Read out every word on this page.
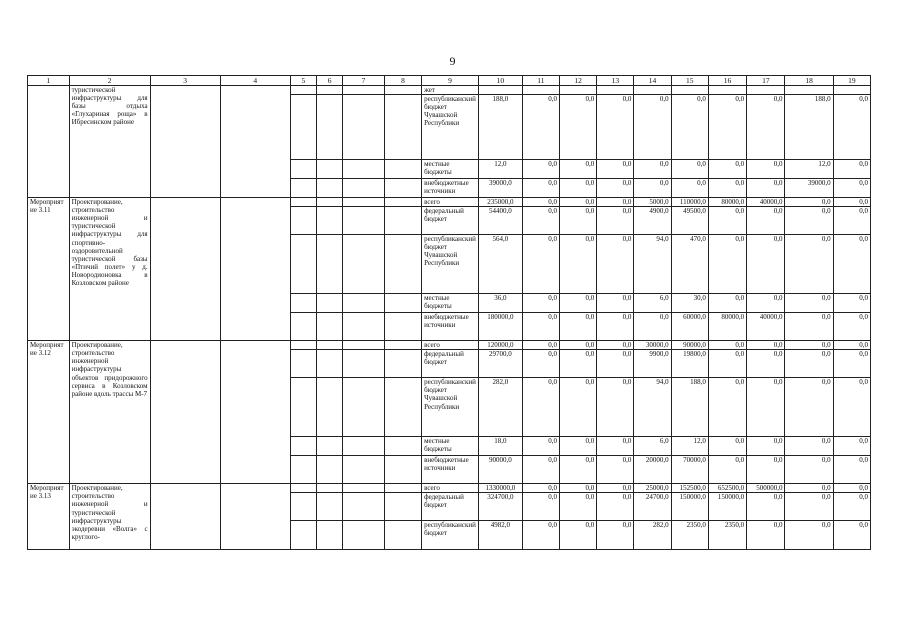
9
1	2	3	4	5	6	7	8	9	10	11	12	13	14	15	16	17	18	19
	туристической инфраструктуры для базы отдыха «Глухариная роща» в Ибресинском районе							жет										
								республиканский бюджет Чувашской Республики	188,0	0,0	0,0	0,0	0,0	0,0	0,0	0,0	188,0	0,0
								местные бюджеты	12,0	0,0	0,0	0,0	0,0	0,0	0,0	0,0	12,0	0,0
								внебюджетные источники	39000,0	0,0	0,0	0,0	0,0	0,0	0,0	0,0	39000,0	0,0
Мероприятие 3.11	Проектирование, строительство инженерной и туристической инфраструктуры для спортивно-оздоровительной туристической базы «Птичий полет» у д. Новородионовка в Козловском районе							всего	235000,0	0,0	0,0	0,0	5000,0	110000,0	80000,0	40000,0	0,0	0,0
								федеральный бюджет	54400,0	0,0	0,0	0,0	4900,0	49500,0	0,0	0,0	0,0	0,0
								республиканский бюджет Чувашской Республики	564,0	0,0	0,0	0,0	94,0	470,0	0,0	0,0	0,0	0,0
								местные бюджеты	36,0	0,0	0,0	0,0	6,0	30,0	0,0	0,0	0,0	0,0
								внебюджетные источники	180000,0	0,0	0,0	0,0	0,0	60000,0	80000,0	40000,0	0,0	0,0
Мероприятие 3.12	Проектирование, строительство инженерной инфраструктуры объектов придорожного сервиса в Козловском районе вдоль трассы М-7							всего	120000,0	0,0	0,0	0,0	30000,0	90000,0	0,0	0,0	0,0	0,0
								федеральный бюджет	29700,0	0,0	0,0	0,0	9900,0	19800,0	0,0	0,0	0,0	0,0
								республиканский бюджет Чувашской Республики	282,0	0,0	0,0	0,0	94,0	188,0	0,0	0,0	0,0	0,0
								местные бюджеты	18,0	0,0	0,0	0,0	6,0	12,0	0,0	0,0	0,0	0,0
								внебюджетные источники	90000,0	0,0	0,0	0,0	20000,0	70000,0	0,0	0,0	0,0	0,0
Мероприятие 3.13	Проектирование, строительство инженерной и туристической инфраструктуры экодеревни «Волга» с круглого-							всего	1330000,0	0,0	0,0	0,0	25000,0	152500,0	652500,0	500000,0	0,0	0,0
								федеральный бюджет	324700,0	0,0	0,0	0,0	24700,0	150000,0	150000,0	0,0	0,0	0,0
								республиканский бюджет	4982,0	0,0	0,0	0,0	282,0	2350,0	2350,0	0,0	0,0	0,0
